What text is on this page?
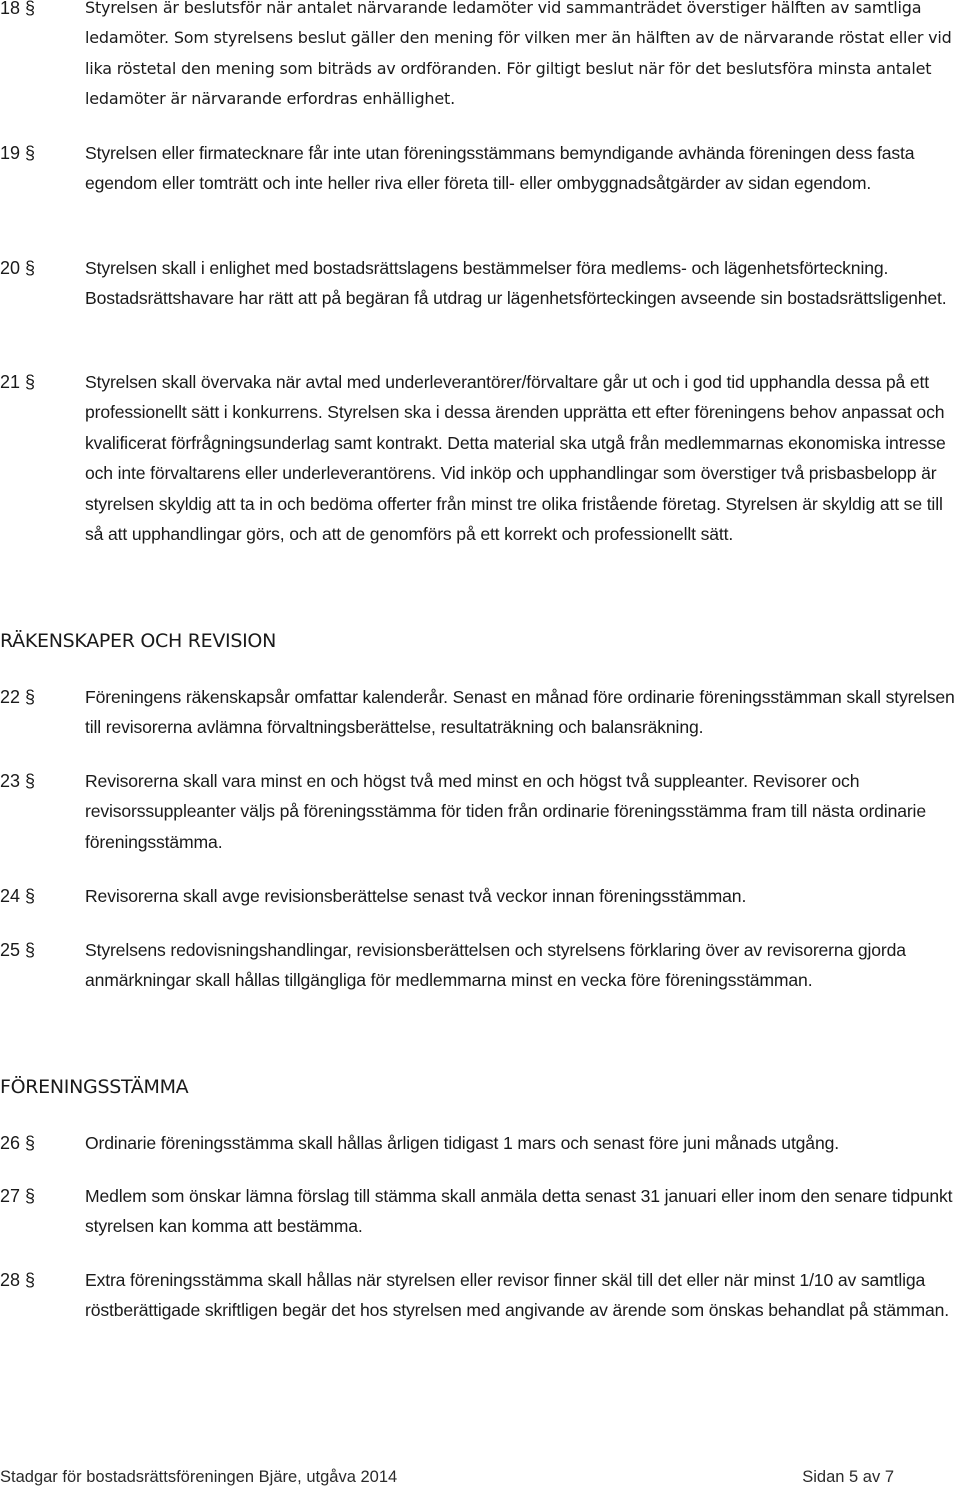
18 §	Styrelsen är beslutsför när antalet närvarande ledamöter vid sammanträdet överstiger hälften av samtliga ledamöter. Som styrelsens beslut gäller den mening för vilken mer än hälften av de närvarande röstat eller vid lika röstetal den mening som biträds av ordföranden. För giltigt beslut när för det beslutsföra minsta antalet ledamöter är närvarande erfordras enhällighet.
19 §	Styrelsen eller firmatecknare får inte utan föreningsstämmans bemyndigande avhända föreningen dess fasta egendom eller tomträtt och inte heller riva eller företa till- eller ombyggnadsåtgärder av sidan egendom.
20 §	Styrelsen skall i enlighet med bostadsrättslagens bestämmelser föra medlems- och lägenhetsförteckning. Bostadsrättshavare har rätt att på begäran få utdrag ur lägenhetsförteckingen avseende sin bostadsrättsligenhet.
21 §	Styrelsen skall övervaka när avtal med underleverantörer/förvaltare går ut och i god tid upphandla dessa på ett professionellt sätt i konkurrens. Styrelsen ska i dessa ärenden upprätta ett efter föreningens behov anpassat och kvalificerat förfrågningsunderlag samt kontrakt. Detta material ska utgå från medlemmarnas ekonomiska intresse och inte förvaltarens eller underleverantörens. Vid inköp och upphandlingar som överstiger två prisbasbelopp är styrelsen skyldig att ta in och bedöma offerter från minst tre olika fristående företag. Styrelsen är skyldig att se till så att upphandlingar görs, och att de genomförs på ett korrekt och professionellt sätt.
RÄKENSKAPER OCH REVISION
22 §	Föreningens räkenskapsår omfattar kalenderår. Senast en månad före ordinarie föreningsstämman skall styrelsen till revisorerna avlämna förvaltningsberättelse, resultaträkning och balansräkning.
23 §	Revisorerna skall vara minst en och högst två med minst en och högst två suppleanter. Revisorer och revisorssuppleanter väljs på föreningsstämma för tiden från ordinarie föreningsstämma fram till nästa ordinarie föreningsstämma.
24 §	Revisorerna skall avge revisionsberättelse senast två veckor innan föreningsstämman.
25 §	Styrelsens redovisningshandlingar, revisionsberättelsen och styrelsens förklaring över av revisorerna gjorda anmärkningar skall hållas tillgängliga för medlemmarna minst en vecka före föreningsstämman.
FÖRENINGSSTÄMMA
26 §	Ordinarie föreningsstämma skall hållas årligen tidigast 1 mars och senast före juni månads utgång.
27 §	Medlem som önskar lämna förslag till stämma skall anmäla detta senast 31 januari eller inom den senare tidpunkt styrelsen kan komma att bestämma.
28 §	Extra föreningsstämma skall hållas när styrelsen eller revisor finner skäl till det eller när minst 1/10 av samtliga röstberättigade skriftligen begär det hos styrelsen med angivande av ärende som önskas behandlat på stämman.
Stadgar för bostadsrättsföreningen Bjäre, utgåva 2014	Sidan 5 av 7
